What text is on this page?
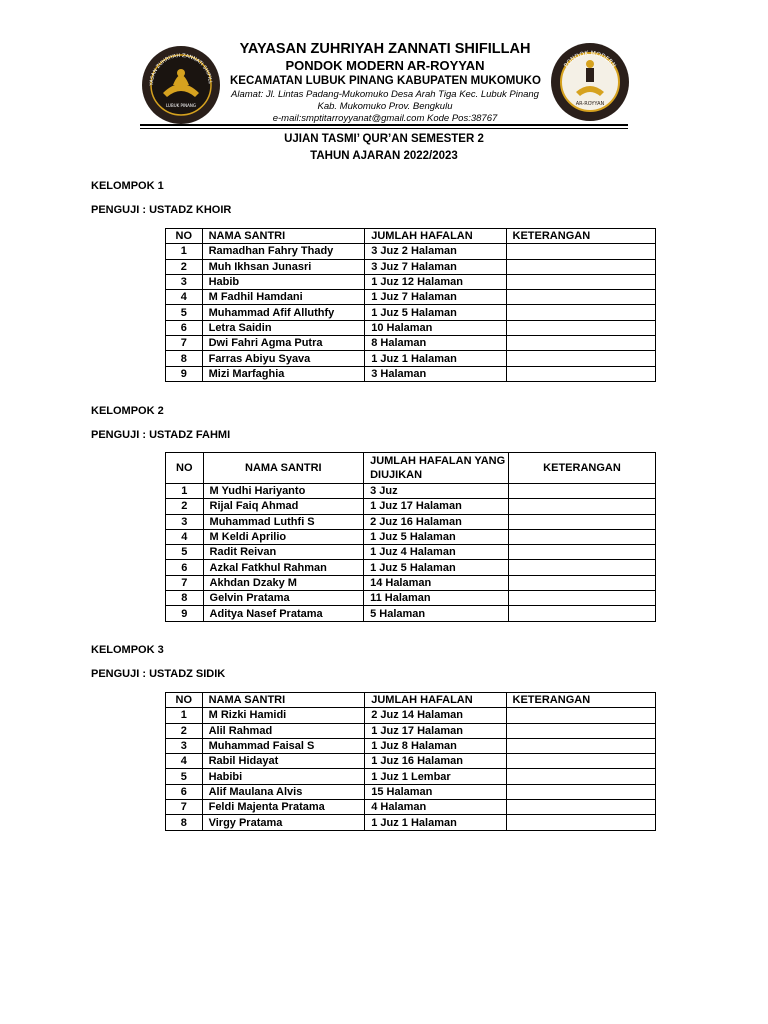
LUBUK PINANG
YASAN ZUHRIYAH ZANNATI SHIFILL
YAYASAN ZUHRIYAH ZANNATI SHIFILLAH
PONDOK MODERN AR-ROYYAN
KECAMATAN LUBUK PINANG KABUPATEN MUKOMUKO
Alamat: Jl. Lintas Padang-Mukomuko Desa Arah Tiga Kec. Lubuk Pinang
Kab. Mukomuko Prov. Bengkulu
e-mail:smptitarroyyanat@gmail.com Kode Pos:38767
PONDOK MODERN
AR-ROYYAN
UJIAN TASMI’ QUR’AN SEMESTER 2
TAHUN AJARAN 2022/2023
KELOMPOK 1
PENGUJI : USTADZ KHOIR
NO	NAMA SANTRI	JUMLAH HAFALAN	KETERANGAN
1	Ramadhan Fahry Thady	3 Juz 2 Halaman	
2	Muh Ikhsan Junasri	3 Juz 7 Halaman	
3	Habib	1 Juz 12 Halaman	
4	M Fadhil Hamdani	1 Juz 7 Halaman	
5	Muhammad Afif Alluthfy	1 Juz 5 Halaman	
6	Letra Saidin	10 Halaman	
7	Dwi Fahri Agma Putra	8 Halaman	
8	Farras Abiyu Syava	1 Juz 1 Halaman	
9	Mizi Marfaghia	3 Halaman	
KELOMPOK 2
PENGUJI : USTADZ FAHMI
NO	NAMA SANTRI	JUMLAH HAFALAN YANG DIUJIKAN	KETERANGAN
1	M Yudhi Hariyanto	3 Juz	
2	Rijal Faiq Ahmad	1 Juz 17 Halaman	
3	Muhammad Luthfi S	2 Juz 16 Halaman	
4	M Keldi Aprilio	1 Juz 5 Halaman	
5	Radit Reivan	1 Juz 4 Halaman	
6	Azkal Fatkhul Rahman	1 Juz 5 Halaman	
7	Akhdan Dzaky M	14 Halaman	
8	Gelvin Pratama	11 Halaman	
9	Aditya Nasef Pratama	5 Halaman	
KELOMPOK 3
PENGUJI : USTADZ SIDIK
NO	NAMA SANTRI	JUMLAH HAFALAN	KETERANGAN
1	M Rizki Hamidi	2 Juz 14 Halaman	
2	Alil Rahmad	1 Juz 17 Halaman	
3	Muhammad Faisal S	1 Juz 8 Halaman	
4	Rabil Hidayat	1 Juz 16 Halaman	
5	Habibi	1 Juz 1 Lembar	
6	Alif Maulana Alvis	15 Halaman	
7	Feldi Majenta Pratama	4 Halaman	
8	Virgy Pratama	1 Juz 1 Halaman	
